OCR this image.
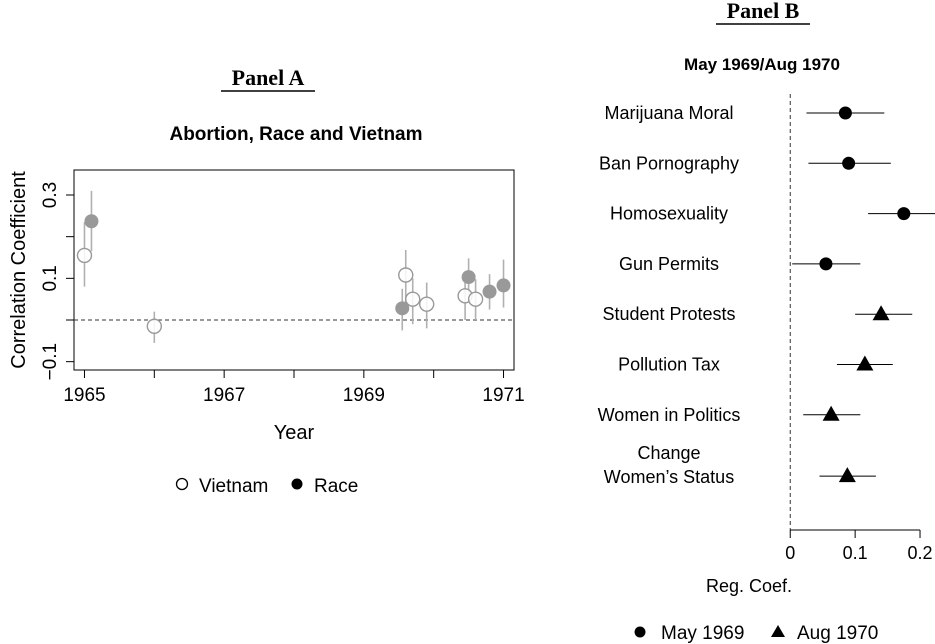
Panel A
Abortion, Race and Vietnam
1965	1967	1969	1971
−0.1
0.1
0.3
Year
Correlation Coefficient
Vietnam Race
Panel B
May 1969/Aug 1970
Marijuana Moral
Ban Pornography
Homosexuality
Gun Permits
Student Protests
Pollution Tax
Women in Politics
Change
Women’s Status
0	0.1 0.2
Reg. Coef.
May 1969	Aug 1970
